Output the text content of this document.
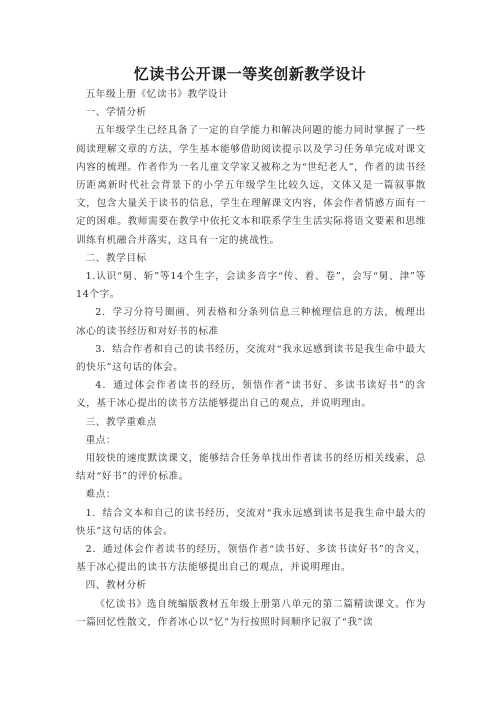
忆读书公开课一等奖创新教学设计

五年级上册《忆读书》教学设计

一、学情分析

五年级学生已经具备了一定的自学能力和解决问题的能力同时掌握了一些阅读理解文章的方法，学生基本能够借助阅读提示以及学习任务单完成对课文内容的梳理。作者作为一名儿童文学家又被称之为“世纪老人”，作者的读书经历距离新时代社会背景下的小学五年级学生比较久远，文体又是一篇叙事散文，包含大量关于读书的信息，学生在理解课文内容，体会作者情感方面有一定的困难。教师需要在教学中依托文本和联系学生生活实际将语文要素和思维训练有机融合并落实，这具有一定的挑战性。

二、教学目标

1.认识“舅、斩”等14个生字，会读多音字“传、着、卷”，会写“舅、津”等14个字。

2．学习分符号圈画、列表格和分条列信息三种梳理信息的方法，梳理出冰心的读书经历和对好书的标准

3．结合作者和自己的读书经历，交流对“我永远感到读书是我生命中最大的快乐”这句话的体会。

4．通过体会作者读书的经历，领悟作者“读书好、多读书读好书”的含义，基于冰心提出的读书方法能够提出自己的观点，并说明理由。

三、教学重难点

重点：

用较快的速度默读课文，能够结合任务单找出作者读书的经历相关线索，总结对“好书”的评价标准。

难点：

1．结合文本和自己的读书经历，交流对“我永远感到读书是我生命中最大的快乐”这句话的体会。

2．通过体会作者读书的经历，领悟作者“读书好、多读书读好书”的含义，基于冰心提出的读书方法能够提出自己的观点，并说明理由。

四、教材分析

《忆读书》选自统编版教材五年级上册第八单元的第二篇精读课文。作为一篇回忆性散文，作者冰心以“忆”为行按照时间顺序记叙了“我”读
